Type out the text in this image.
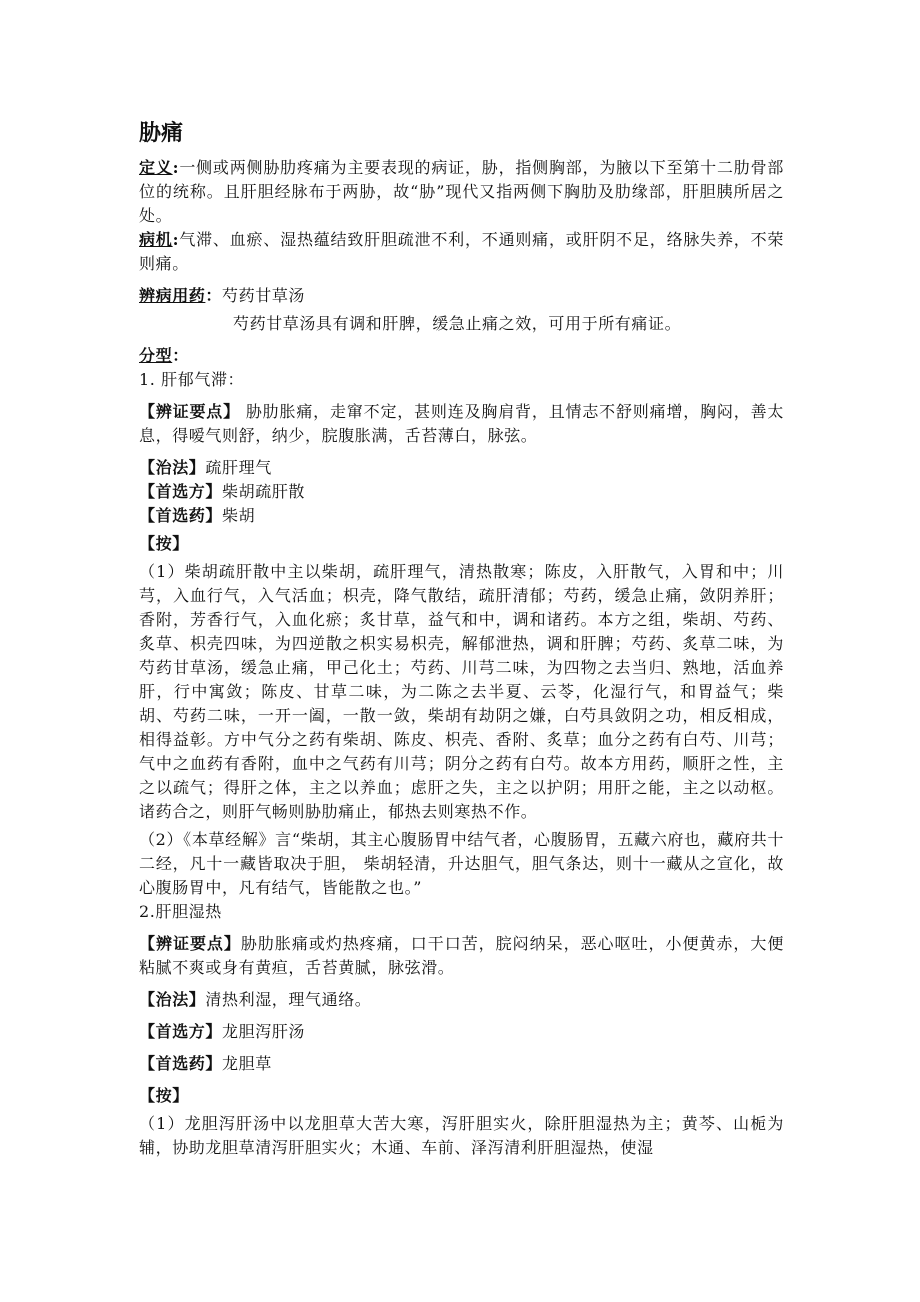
胁痛

定义:一侧或两侧胁肋疼痛为主要表现的病证，胁，指侧胸部，为腋以下至第十二肋骨部位的统称。且肝胆经脉布于两胁，故“胁”现代又指两侧下胸肋及肋缘部，肝胆胰所居之处。

病机:气滞、血瘀、湿热蕴结致肝胆疏泄不利，不通则痛，或肝阴不足，络脉失养，不荣则痛。

辨病用药：芍药甘草汤

芍药甘草汤具有调和肝脾，缓急止痛之效，可用于所有痛证。

分型：

1. 肝郁气滞：

【辨证要点】 胁肋胀痛，走窜不定，甚则连及胸肩背，且情志不舒则痛增，胸闷，善太息，得嗳气则舒，纳少，脘腹胀满，舌苔薄白，脉弦。

【治法】疏肝理气

【首选方】柴胡疏肝散

【首选药】柴胡

【按】

（1）柴胡疏肝散中主以柴胡，疏肝理气，清热散寒；陈皮，入肝散气，入胃和中；川芎，入血行气，入气活血；枳壳，降气散结，疏肝清郁；芍药，缓急止痛，敛阴养肝；香附，芳香行气，入血化瘀；炙甘草，益气和中，调和诸药。本方之组，柴胡、芍药、炙草、枳壳四味，为四逆散之枳实易枳壳，解郁泄热，调和肝脾；芍药、炙草二味，为芍药甘草汤，缓急止痛，甲己化土；芍药、川芎二味，为四物之去当归、熟地，活血养肝，行中寓敛；陈皮、甘草二味，为二陈之去半夏、云苓，化湿行气，和胃益气；柴胡、芍药二味，一开一阖，一散一敛，柴胡有劫阴之嫌，白芍具敛阴之功，相反相成，相得益彰。方中气分之药有柴胡、陈皮、枳壳、香附、炙草；血分之药有白芍、川芎；气中之血药有香附，血中之气药有川芎；阴分之药有白芍。故本方用药，顺肝之性，主之以疏气；得肝之体，主之以养血；虑肝之失，主之以护阴；用肝之能，主之以动枢。诸药合之，则肝气畅则胁肋痛止，郁热去则寒热不作。

（2）《本草经解》言“柴胡，其主心腹肠胃中结气者，心腹肠胃，五藏六府也，藏府共十二经，凡十一藏皆取决于胆， 柴胡轻清，升达胆气，胆气条达，则十一藏从之宣化，故心腹肠胃中，凡有结气，皆能散之也。”

2.肝胆湿热

【辨证要点】胁肋胀痛或灼热疼痛，口干口苦，脘闷纳呆，恶心呕吐，小便黄赤，大便粘腻不爽或身有黄疸，舌苔黄腻，脉弦滑。

【治法】清热利湿，理气通络。

【首选方】龙胆泻肝汤

【首选药】龙胆草

【按】

（1）龙胆泻肝汤中以龙胆草大苦大寒，泻肝胆实火，除肝胆湿热为主；黄芩、山栀为辅，协助龙胆草清泻肝胆实火；木通、车前、泽泻清利肝胆湿热，使湿
